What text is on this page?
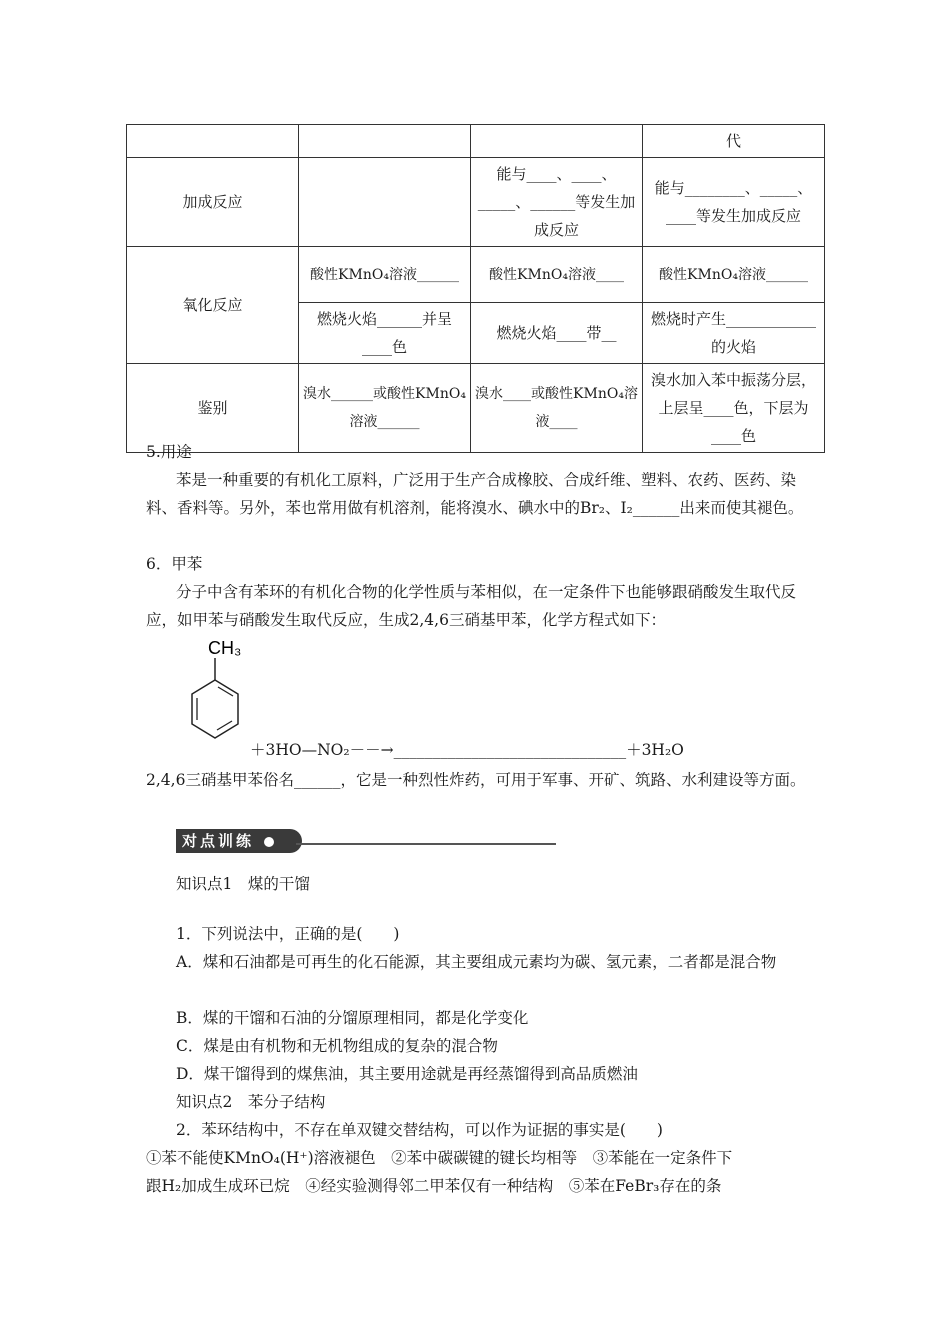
			代
加成反应		能与____、____、_____、______等发生加成反应	能与________、_____、____等发生加成反应
氧化反应	酸性KMnO₄溶液______	酸性KMnO₄溶液____	酸性KMnO₄溶液______
	燃烧火焰______并呈____色	燃烧火焰____带__	燃烧时产生____________的火焰
鉴别	溴水______或酸性KMnO₄溶液______	溴水____或酸性KMnO₄溶液____	溴水加入苯中振荡分层，上层呈____色，下层为____色
5.用途
苯是一种重要的有机化工原料，广泛用于生产合成橡胶、合成纤维、塑料、农药、医药、染料、香料等。另外，苯也常用做有机溶剂，能将溴水、碘水中的Br₂、I₂______出来而使其褪色。
6．甲苯
分子中含有苯环的有机化合物的化学性质与苯相似，在一定条件下也能够跟硝酸发生取代反应，如甲苯与硝酸发生取代反应，生成2,4,6三硝基甲苯，化学方程式如下：
CH₃
＋3HO—NO₂－－→______________________________＋3H₂O
2,4,6三硝基甲苯俗名______，它是一种烈性炸药，可用于军事、开矿、筑路、水利建设等方面。
对点训练
知识点1　煤的干馏
1．下列说法中，正确的是(　　)
A．煤和石油都是可再生的化石能源，其主要组成元素均为碳、氢元素，二者都是混合物
B．煤的干馏和石油的分馏原理相同，都是化学变化
C．煤是由有机物和无机物组成的复杂的混合物
D．煤干馏得到的煤焦油，其主要用途就是再经蒸馏得到高品质燃油
知识点2　苯分子结构
2．苯环结构中，不存在单双键交替结构，可以作为证据的事实是(　　)
①苯不能使KMnO₄(H⁺)溶液褪色　②苯中碳碳键的键长均相等　③苯能在一定条件下
跟H₂加成生成环已烷　④经实验测得邻二甲苯仅有一种结构　⑤苯在FeBr₃存在的条
